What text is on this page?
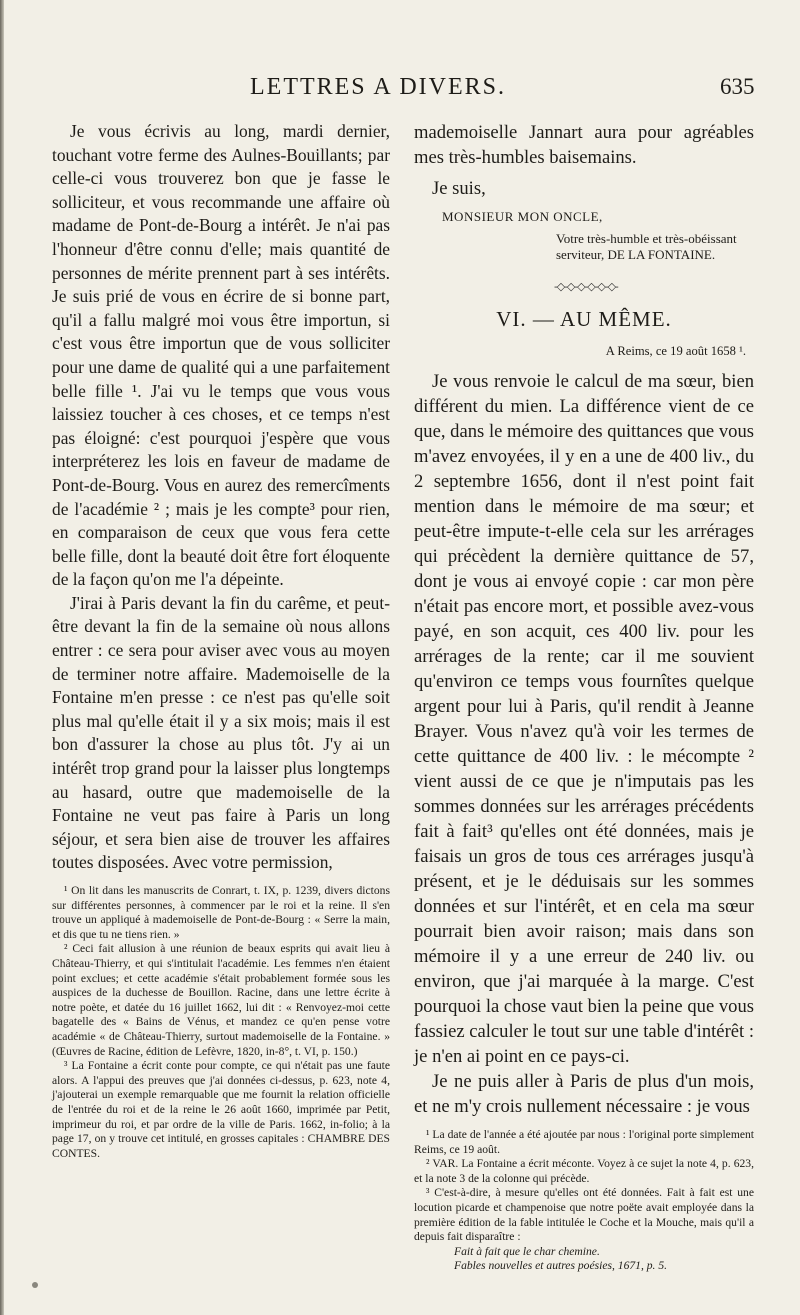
LETTRES A DIVERS.	635

Je vous écrivis au long, mardi dernier, touchant votre ferme des Aulnes-Bouillants; par celle-ci vous trouverez bon que je fasse le solliciteur, et vous recommande une affaire où madame de Pont-de-Bourg a intérêt. Je n'ai pas l'honneur d'être connu d'elle; mais quantité de personnes de mérite prennent part à ses intérêts. Je suis prié de vous en écrire de si bonne part, qu'il a fallu malgré moi vous être importun, si c'est vous être importun que de vous solliciter pour une dame de qualité qui a une parfaitement belle fille ¹. J'ai vu le temps que vous vous laissiez toucher à ces choses, et ce temps n'est pas éloigné: c'est pourquoi j'espère que vous interpréterez les lois en faveur de madame de Pont-de-Bourg. Vous en aurez des remercîments de l'académie ² ; mais je les compte³ pour rien, en comparaison de ceux que vous fera cette belle fille, dont la beauté doit être fort éloquente de la façon qu'on me l'a dépeinte.

J'irai à Paris devant la fin du carême, et peut-être devant la fin de la semaine où nous allons entrer : ce sera pour aviser avec vous au moyen de terminer notre affaire. Mademoiselle de la Fontaine m'en presse : ce n'est pas qu'elle soit plus mal qu'elle était il y a six mois; mais il est bon d'assurer la chose au plus tôt. J'y ai un intérêt trop grand pour la laisser plus longtemps au hasard, outre que mademoiselle de la Fontaine ne veut pas faire à Paris un long séjour, et sera bien aise de trouver les affaires toutes disposées. Avec votre permission,

¹ On lit dans les manuscrits de Conrart, t. IX, p. 1239, divers dictons sur différentes personnes, à commencer par le roi et la reine. Il s'en trouve un appliqué à mademoiselle de Pont-de-Bourg : « Serre la main, et dis que tu ne tiens rien. »

² Ceci fait allusion à une réunion de beaux esprits qui avait lieu à Château-Thierry, et qui s'intitulait l'académie. Les femmes n'en étaient point exclues; et cette académie s'était probablement formée sous les auspices de la duchesse de Bouillon. Racine, dans une lettre écrite à notre poète, et datée du 16 juillet 1662, lui dit : « Renvoyez-moi cette bagatelle des « Bains de Vénus, et mandez ce qu'en pense votre académie « de Château-Thierry, surtout mademoiselle de la Fontaine. » (Œuvres de Racine, édition de Lefèvre, 1820, in-8°, t. VI, p. 150.)

³ La Fontaine a écrit conte pour compte, ce qui n'était pas une faute alors. A l'appui des preuves que j'ai données ci-dessus, p. 623, note 4, j'ajouterai un exemple remarquable que me fournit la relation officielle de l'entrée du roi et de la reine le 26 août 1660, imprimée par Petit, imprimeur du roi, et par ordre de la ville de Paris. 1662, in-folio; à la page 17, on y trouve cet intitulé, en grosses capitales : CHAMBRE DES CONTES.

mademoiselle Jannart aura pour agréables mes très-humbles baisemains.

Je suis,

MONSIEUR MON ONCLE,

Votre très-humble et très-obéissant

serviteur, DE LA FONTAINE.

-◇-◇-◇-◇-◇-◇-

VI. — AU MÊME.

A Reims, ce 19 août 1658 ¹.

Je vous renvoie le calcul de ma sœur, bien différent du mien. La différence vient de ce que, dans le mémoire des quittances que vous m'avez envoyées, il y en a une de 400 liv., du 2 septembre 1656, dont il n'est point fait mention dans le mémoire de ma sœur; et peut-être impute-t-elle cela sur les arrérages qui précèdent la dernière quittance de 57, dont je vous ai envoyé copie : car mon père n'était pas encore mort, et possible avez-vous payé, en son acquit, ces 400 liv. pour les arrérages de la rente; car il me souvient qu'environ ce temps vous fournîtes quelque argent pour lui à Paris, qu'il rendit à Jeanne Brayer. Vous n'avez qu'à voir les termes de cette quittance de 400 liv. : le mécompte ² vient aussi de ce que je n'imputais pas les sommes données sur les arrérages précédents fait à fait³ qu'elles ont été données, mais je faisais un gros de tous ces arrérages jusqu'à présent, et je le déduisais sur les sommes données et sur l'intérêt, et en cela ma sœur pourrait bien avoir raison; mais dans son mémoire il y a une erreur de 240 liv. ou environ, que j'ai marquée à la marge. C'est pourquoi la chose vaut bien la peine que vous fassiez calculer le tout sur une table d'intérêt : je n'en ai point en ce pays-ci.

Je ne puis aller à Paris de plus d'un mois, et ne m'y crois nullement nécessaire : je vous

¹ La date de l'année a été ajoutée par nous : l'original porte simplement Reims, ce 19 août.

² VAR. La Fontaine a écrit méconte. Voyez à ce sujet la note 4, p. 623, et la note 3 de la colonne qui précède.

³ C'est-à-dire, à mesure qu'elles ont été données. Fait à fait est une locution picarde et champenoise que notre poëte avait employée dans la première édition de la fable intitulée le Coche et la Mouche, mais qu'il a depuis fait disparaître :

Fait à fait que le char chemine.

Fables nouvelles et autres poésies, 1671, p. 5.
